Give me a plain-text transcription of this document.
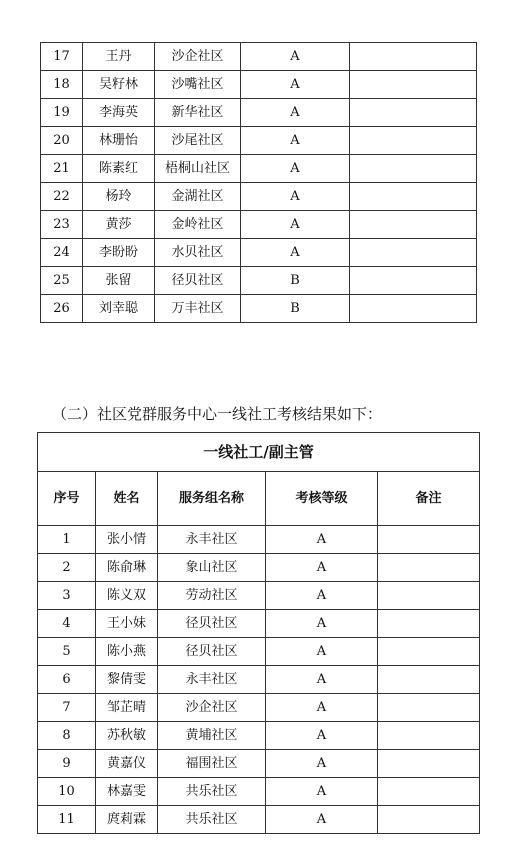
17	王丹	沙企社区	A	
18	吴籽林	沙嘴社区	A	
19	李海英	新华社区	A	
20	林珊怡	沙尾社区	A	
21	陈素红	梧桐山社区	A	
22	杨玲	金湖社区	A	
23	黄莎	金岭社区	A	
24	李盼盼	水贝社区	A	
25	张留	径贝社区	B	
26	刘幸聪	万丰社区	B	

（二）社区党群服务中心一线社工考核结果如下：

一线社工/副主管				
序号	姓名	服务组名称	考核等级	备注
1	张小情	永丰社区	A	
2	陈俞琳	象山社区	A	
3	陈义双	劳动社区	A	
4	王小妹	径贝社区	A	
5	陈小燕	径贝社区	A	
6	黎倩雯	永丰社区	A	
7	邹芷晴	沙企社区	A	
8	苏秋敏	黄埔社区	A	
9	黄嘉仪	福围社区	A	
10	林嘉雯	共乐社区	A	
11	庹莉霖	共乐社区	A	
